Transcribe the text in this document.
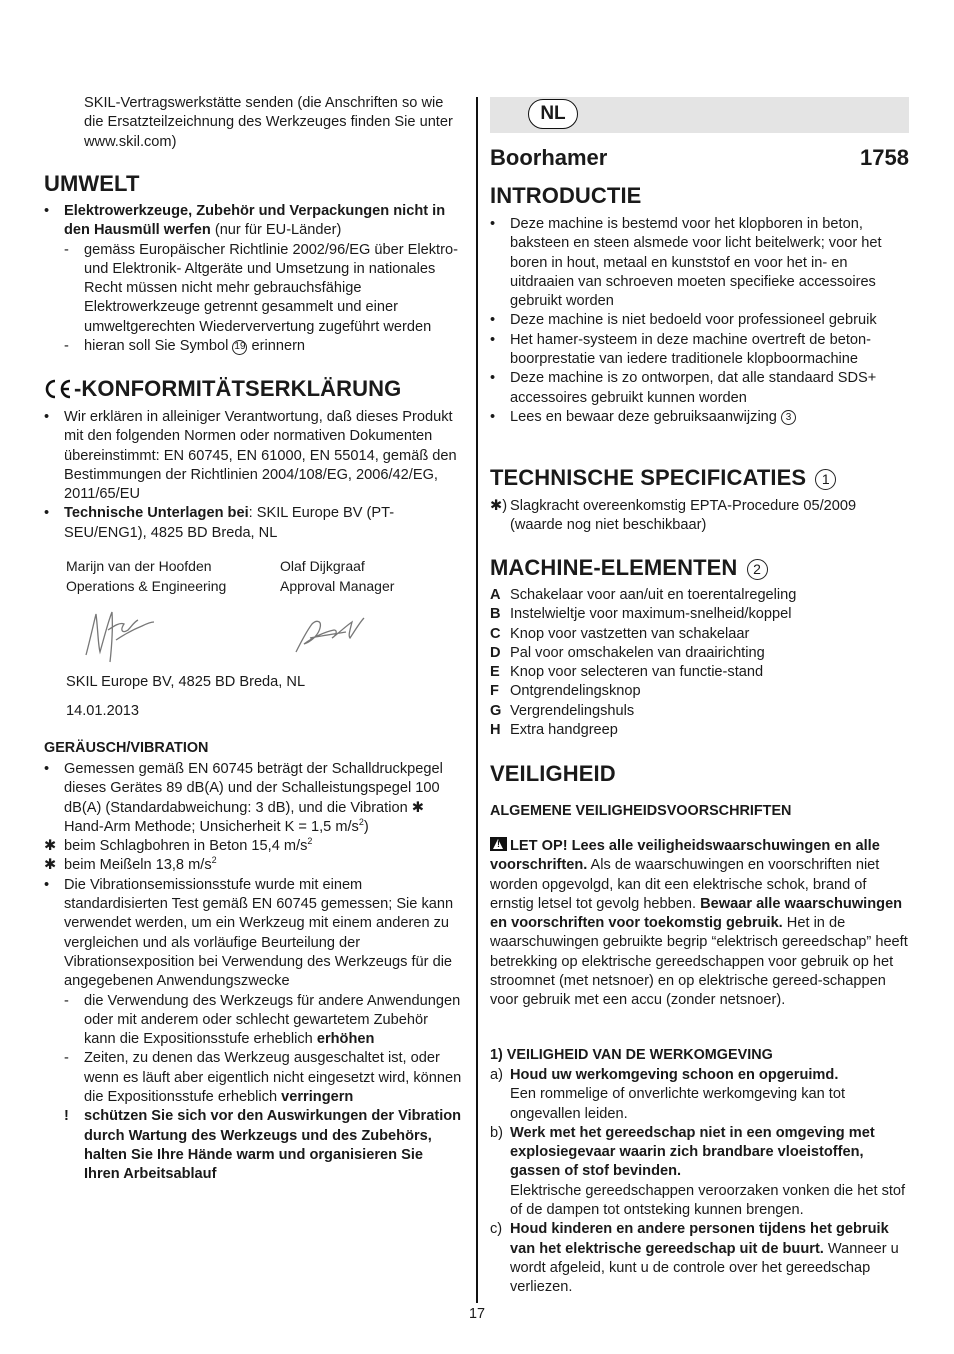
SKIL-Vertragswerkstätte senden (die Anschriften so wie die Ersatzteilzeichnung des Werkzeuges finden Sie unter www.skil.com)

UMWELT
• Elektrowerkzeuge, Zubehör und Verpackungen nicht in den Hausmüll werfen (nur für EU-Länder)
- gemäss Europäischer Richtlinie 2002/96/EG über Elektro- und Elektronik- Altgeräte und Umsetzung in nationales Recht müssen nicht mehr gebrauchsfähige Elektrowerkzeuge getrennt gesammelt und einer umweltgerechten Wiederververtung zugeführt werden
- hieran soll Sie Symbol 19 erinnern
-KONFORMITÄTSERKLÄRUNG
• Wir erklären in alleiniger Verantwortung, daß dieses Produkt mit den folgenden Normen oder normativen Dokumenten übereinstimmt: EN 60745, EN 61000, EN 55014, gemäß den Bestimmungen der Richtlinien 2004/108/EG, 2006/42/EG, 2011/65/EU
• Technische Unterlagen bei: SKIL Europe BV (PT-SEU/ENG1), 4825 BD Breda, NL
Marijn van der Hoofden
Operations & Engineering
Olaf Dijkgraaf
Approval Manager

SKIL Europe BV, 4825 BD Breda, NL

14.01.2013

GERÄUSCH/VIBRATION
• Gemessen gemäß EN 60745 beträgt der Schalldruckpegel dieses Gerätes 89 dB(A) und der Schalleistungspegel 100 dB(A) (Standardabweichung: 3 dB), und die Vibration ✱ Hand-Arm Methode; Unsicherheit K = 1,5 $m/s^2$)
✱ beim Schlagbohren in Beton 15,4 $m/s^2$
✱ beim Meißeln 13,8 $m/s^2$
• Die Vibrationsemissionsstufe wurde mit einem standardisierten Test gemäß EN 60745 gemessen; Sie kann verwendet werden, um ein Werkzeug mit einem anderen zu vergleichen und als vorläufige Beurteilung der Vibrationsexposition bei Verwendung des Werkzeugs für die angegebenen Anwendungszwecke
- die Verwendung des Werkzeugs für andere Anwendungen oder mit anderem oder schlecht gewartetem Zubehör kann die Expositionsstufe erheblich erhöhen
- Zeiten, zu denen das Werkzeug ausgeschaltet ist, oder wenn es läuft aber eigentlich nicht eingesetzt wird, können die Expositionsstufe erheblich verringern
! schützen Sie sich vor den Auswirkungen der Vibration durch Wartung des Werkzeugs und des Zubehörs, halten Sie Ihre Hände warm und organisieren Sie Ihren Arbeitsablauf
NL
Boorhamer	1758
INTRODUCTIE
• Deze machine is bestemd voor het klopboren in beton, baksteen en steen alsmede voor licht beitelwerk; voor het boren in hout, metaal en kunststof en voor het in- en uitdraaien van schroeven moeten specifieke accessoires gebruikt worden
• Deze machine is niet bedoeld voor professioneel gebruik
• Het hamer-systeem in deze machine overtreft de beton-boorprestatie van iedere traditionele klopboormachine
• Deze machine is zo ontworpen, dat alle standaard SDS+ accessoires gebruikt kunnen worden
• Lees en bewaar deze gebruiksaanwijzing 3
TECHNISCHE SPECIFICATIES 1
✱) Slagkracht overeenkomstig EPTA-Procedure 05/2009 (waarde nog niet beschikbaar)
MACHINE-ELEMENTEN 2
A Schakelaar voor aan/uit en toerentalregeling
B Instelwieltje voor maximum-snelheid/koppel
C Knop voor vastzetten van schakelaar
D Pal voor omschakelen van draairichting
E Knop voor selecteren van functie-stand
F Ontgrendelingsknop
G Vergrendelingshuls
H Extra handgreep
VEILIGHEID
ALGEMENE VEILIGHEIDSVOORSCHRIFTEN

!LET OP! Lees alle veiligheidswaarschuwingen en alle voorschriften. Als de waarschuwingen en voorschriften niet worden opgevolgd, kan dit een elektrische schok, brand of ernstig letsel tot gevolg hebben. Bewaar alle waarschuwingen en voorschriften voor toekomstig gebruik. Het in de waarschuwingen gebruikte begrip “elektrisch gereedschap” heeft betrekking op elektrische gereedschappen voor gebruik op het stroomnet (met netsnoer) en op elektrische gereed-schappen voor gebruik met een accu (zonder netsnoer).

1) VEILIGHEID VAN DE WERKOMGEVING
a) Houd uw werkomgeving schoon en opgeruimd.
Een rommelige of onverlichte werkomgeving kan tot ongevallen leiden.
b) Werk met het gereedschap niet in een omgeving met explosiegevaar waarin zich brandbare vloeistoffen, gassen of stof bevinden.
Elektrische gereedschappen veroorzaken vonken die het stof of de dampen tot ontsteking kunnen brengen.
c) Houd kinderen en andere personen tijdens het gebruik van het elektrische gereedschap uit de buurt. Wanneer u wordt afgeleid, kunt u de controle over het gereedschap verliezen.
17
